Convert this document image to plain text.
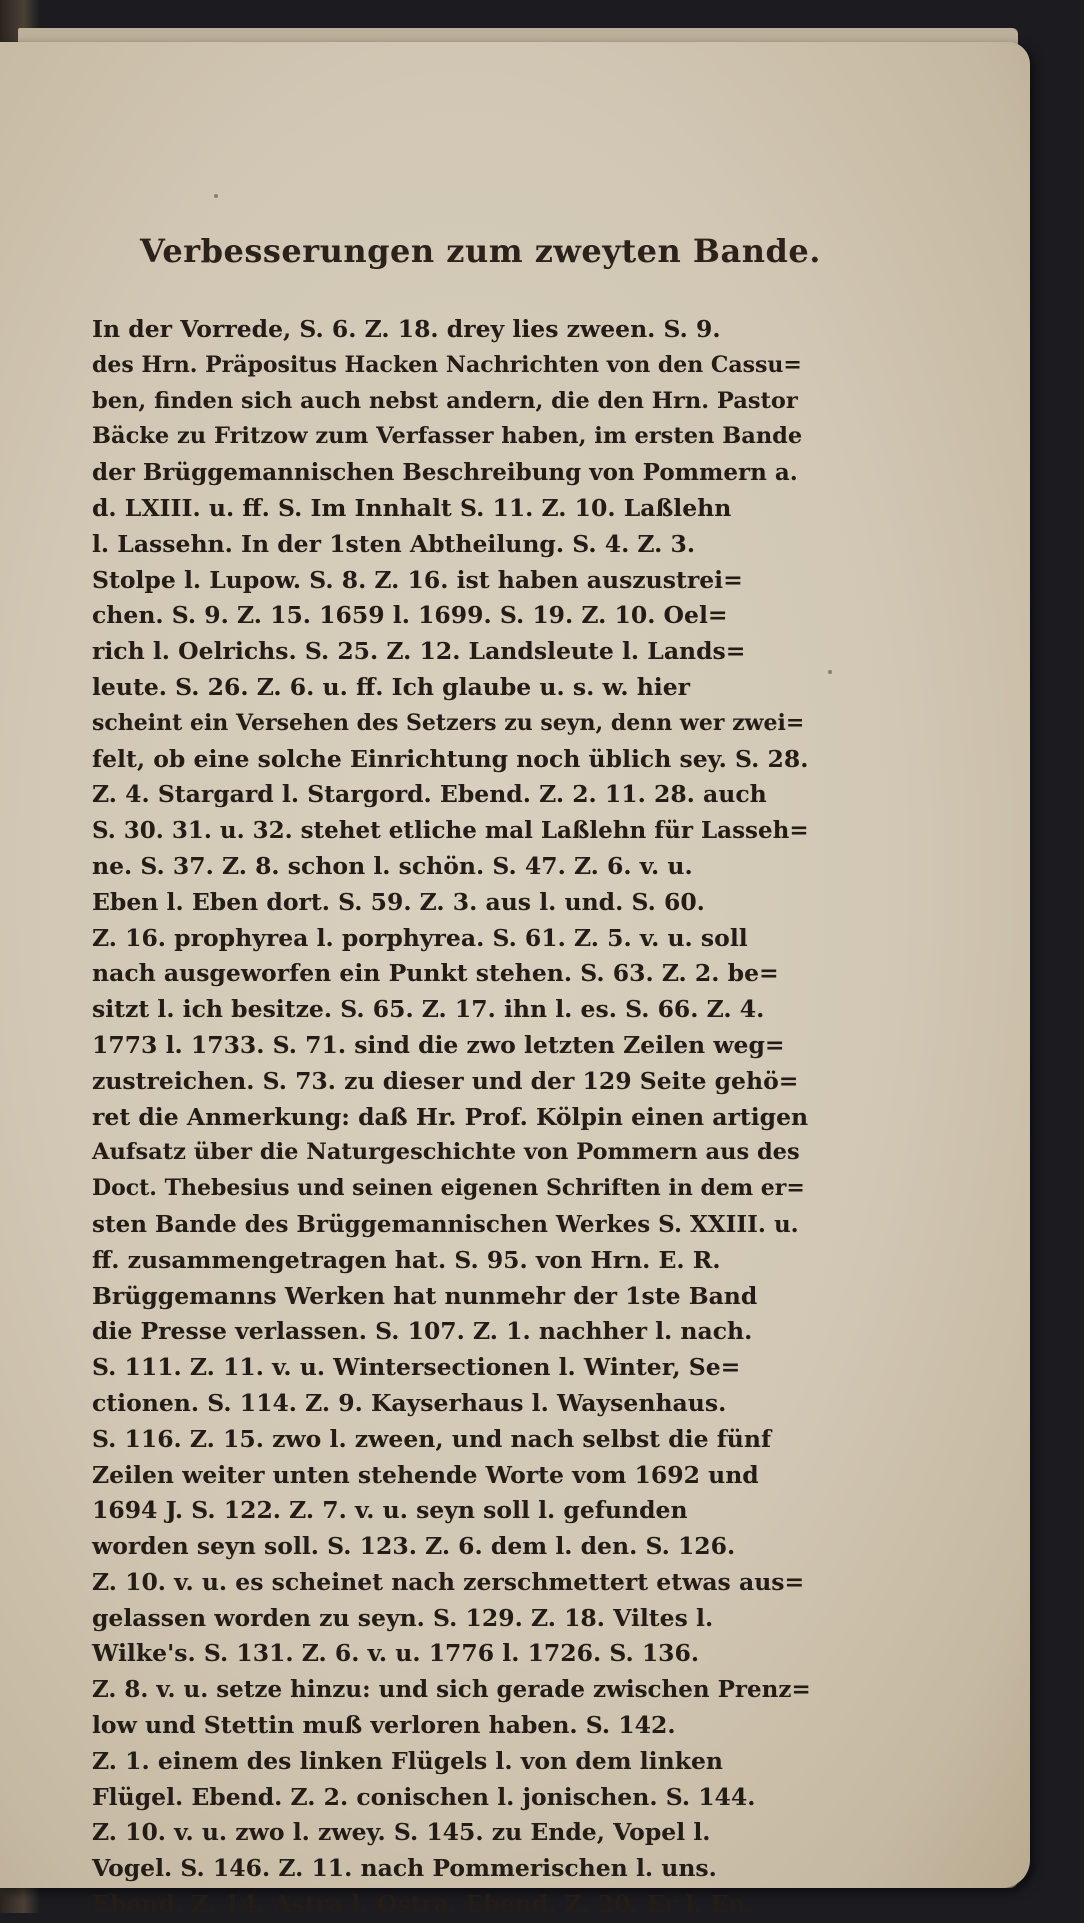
Verbesserungen zum zweyten Bande.
In der Vorrede, S. 6. Z. 18. drey lies zween. S. 9.
des Hrn. Präpositus Hacken Nachrichten von den Cassu=
ben, finden sich auch nebst andern, die den Hrn. Pastor
Bäcke zu Fritzow zum Verfasser haben, im ersten Bande
der Brüggemannischen Beschreibung von Pommern a.
d. LXIII. u. ff. S. Im Innhalt S. 11. Z. 10. Laßlehn
l. Lassehn. In der 1sten Abtheilung. S. 4. Z. 3.
Stolpe l. Lupow. S. 8. Z. 16. ist haben auszustrei=
chen. S. 9. Z. 15. 1659 l. 1699. S. 19. Z. 10. Oel=
rich l. Oelrichs. S. 25. Z. 12. Landsleute l. Lands=
leute. S. 26. Z. 6. u. ff. Ich glaube u. s. w. hier
scheint ein Versehen des Setzers zu seyn, denn wer zwei=
felt, ob eine solche Einrichtung noch üblich sey. S. 28.
Z. 4. Stargard l. Stargord. Ebend. Z. 2. 11. 28. auch
S. 30. 31. u. 32. stehet etliche mal Laßlehn für Lasseh=
ne. S. 37. Z. 8. schon l. schön. S. 47. Z. 6. v. u.
Eben l. Eben dort. S. 59. Z. 3. aus l. und. S. 60.
Z. 16. prophyrea l. porphyrea. S. 61. Z. 5. v. u. soll
nach ausgeworfen ein Punkt stehen. S. 63. Z. 2. be=
sitzt l. ich besitze. S. 65. Z. 17. ihn l. es. S. 66. Z. 4.
1773 l. 1733. S. 71. sind die zwo letzten Zeilen weg=
zustreichen. S. 73. zu dieser und der 129 Seite gehö=
ret die Anmerkung: daß Hr. Prof. Kölpin einen artigen
Aufsatz über die Naturgeschichte von Pommern aus des
Doct. Thebesius und seinen eigenen Schriften in dem er=
sten Bande des Brüggemannischen Werkes S. XXIII. u.
ff. zusammengetragen hat. S. 95. von Hrn. E. R.
Brüggemanns Werken hat nunmehr der 1ste Band
die Presse verlassen. S. 107. Z. 1. nachher l. nach.
S. 111. Z. 11. v. u. Wintersectionen l. Winter, Se=
ctionen. S. 114. Z. 9. Kayserhaus l. Waysenhaus.
S. 116. Z. 15. zwo l. zween, und nach selbst die fünf
Zeilen weiter unten stehende Worte vom 1692 und
1694 J. S. 122. Z. 7. v. u. seyn soll l. gefunden
worden seyn soll. S. 123. Z. 6. dem l. den. S. 126.
Z. 10. v. u. es scheinet nach zerschmettert etwas aus=
gelassen worden zu seyn. S. 129. Z. 18. Viltes l.
Wilke's. S. 131. Z. 6. v. u. 1776 l. 1726. S. 136.
Z. 8. v. u. setze hinzu: und sich gerade zwischen Prenz=
low und Stettin muß verloren haben. S. 142.
Z. 1. einem des linken Flügels l. von dem linken
Flügel. Ebend. Z. 2. conischen l. jonischen. S. 144.
Z. 10. v. u. zwo l. zwey. S. 145. zu Ende, Vopel l.
Vogel. S. 146. Z. 11. nach Pommerischen l. uns.
Ebend. Z. 14. Astra l. Ostra. Ebend. Z. 20. Er l. En.
